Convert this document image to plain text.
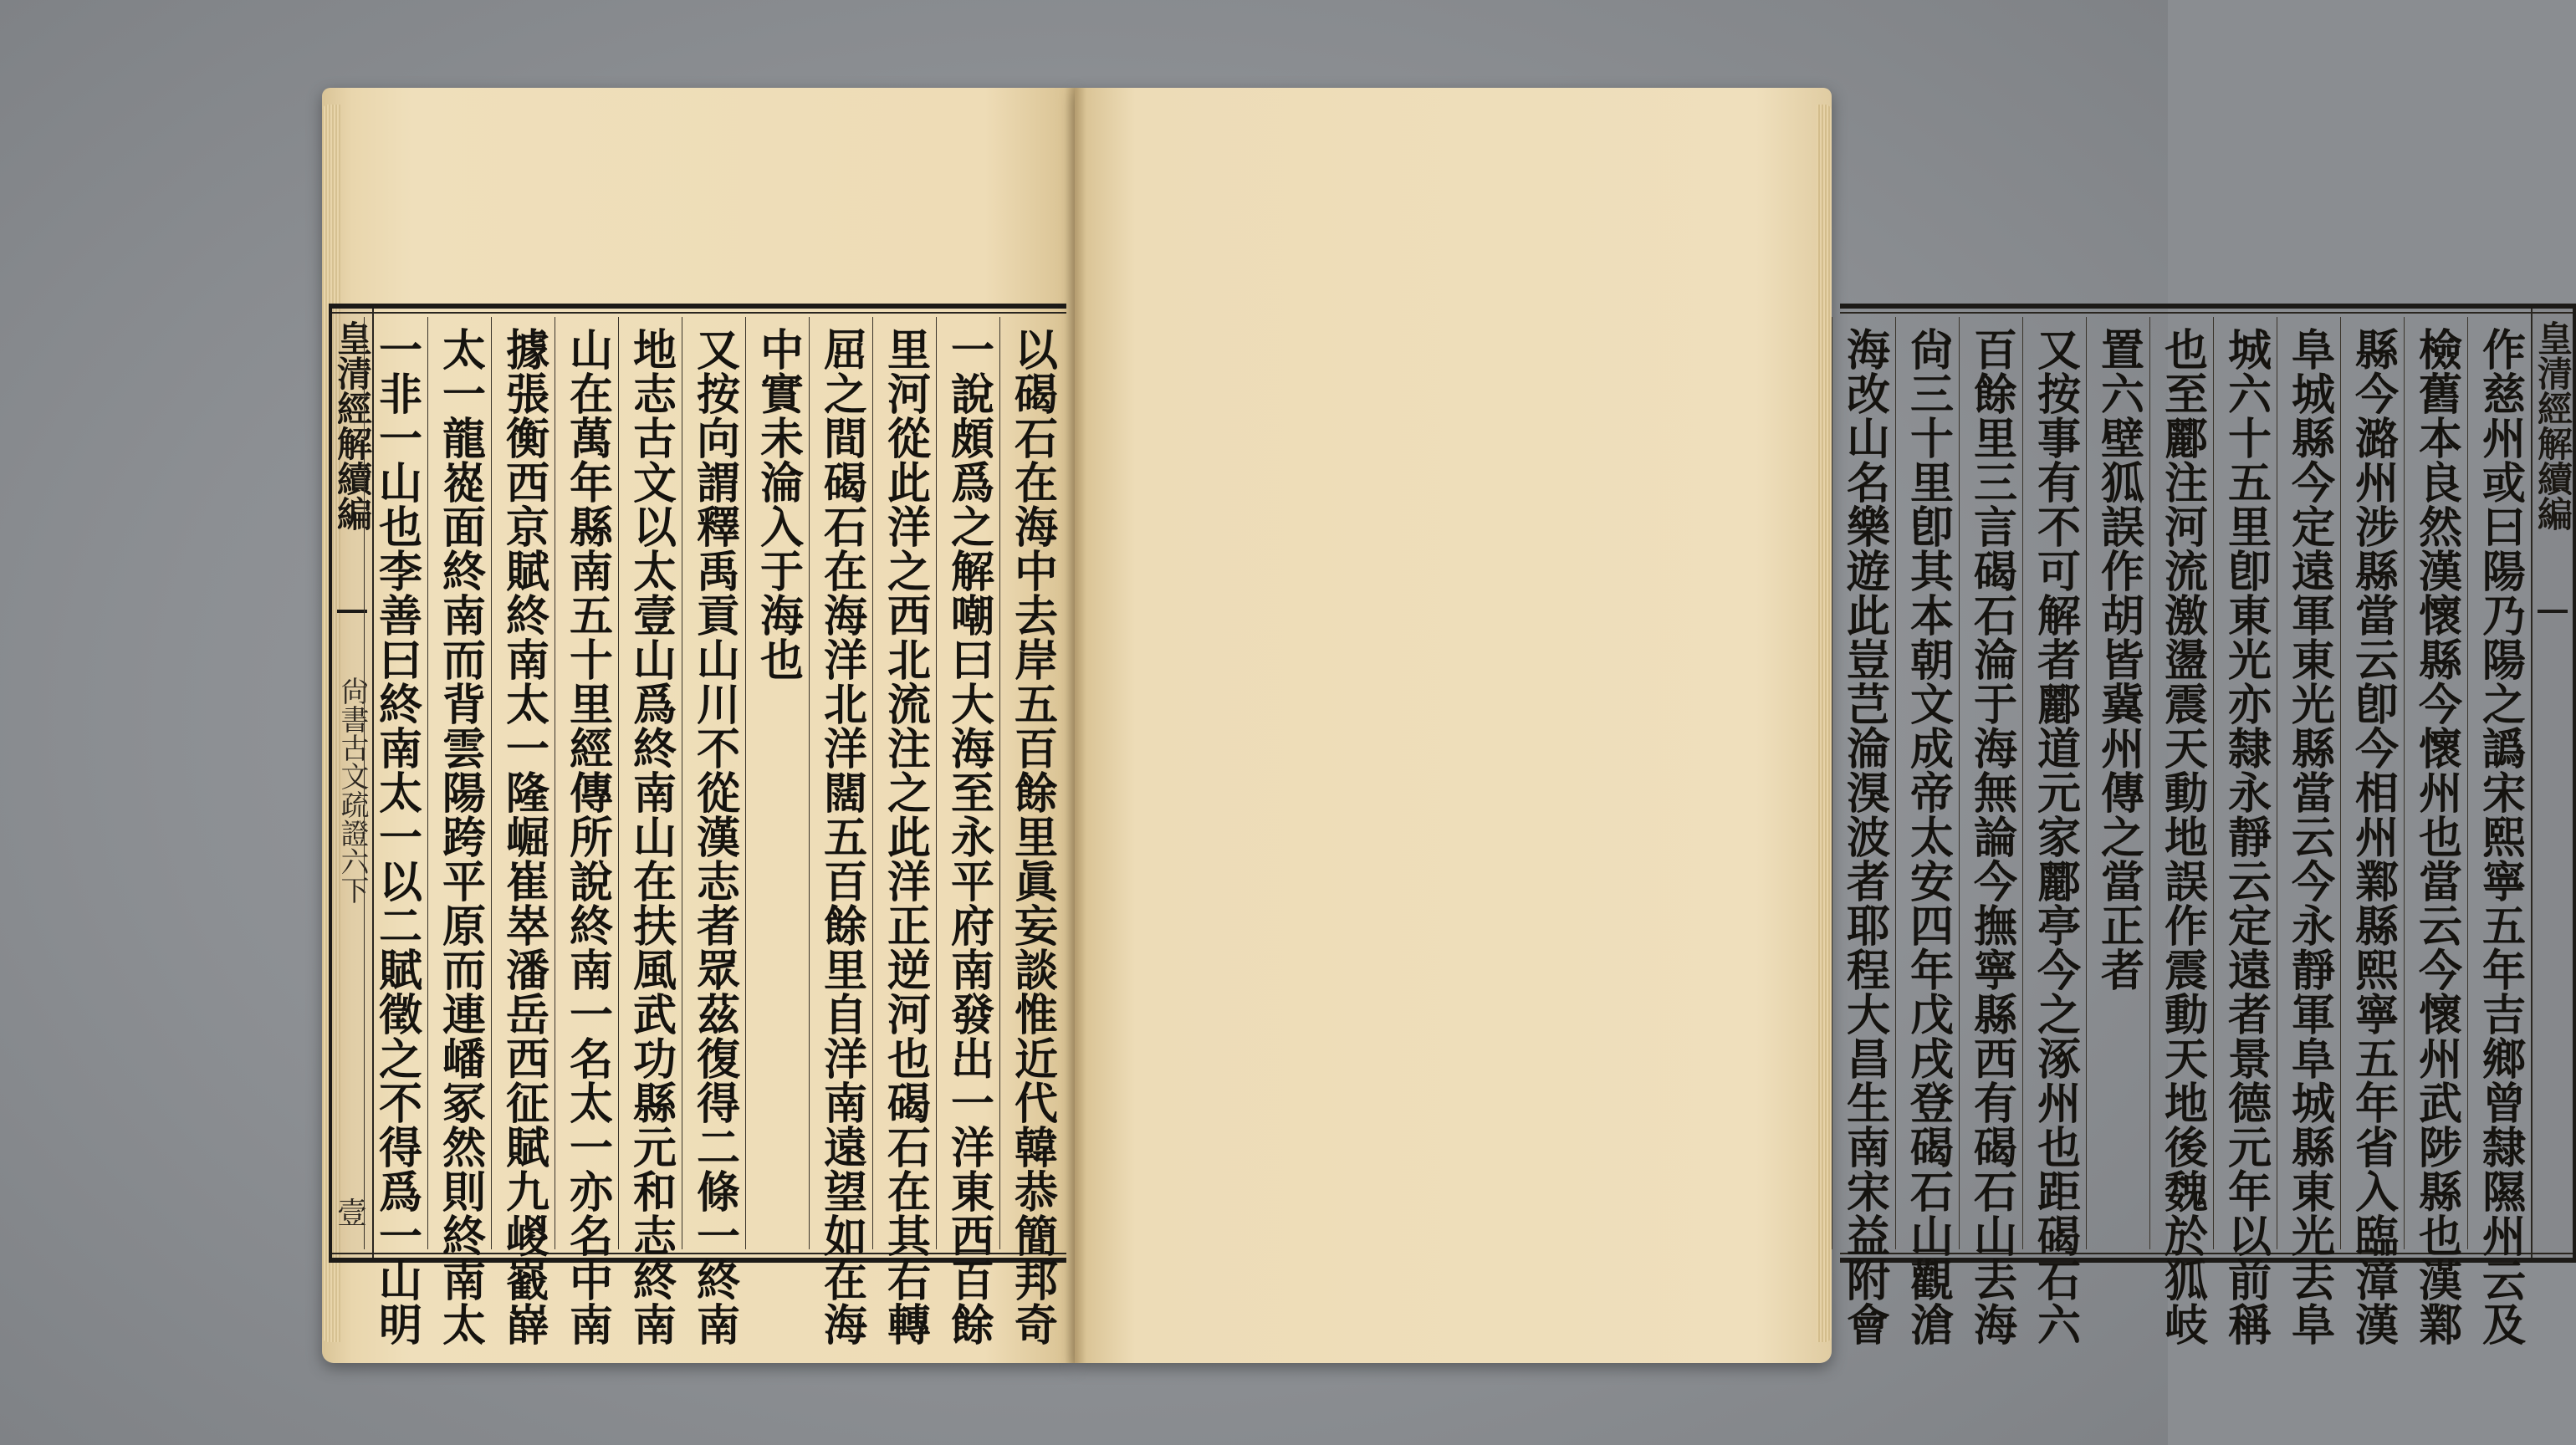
皇清經解續編
尙書古文疏證六下
壹	以碣石在海中去岸五百餘里眞妄談惟近代韓恭簡邦奇
一說頗爲之解嘲曰大海至永平府南發出一洋東西百餘
里河從此洋之西北流注之此洋正逆河也碣石在其右轉
屈之間碣石在海洋北洋闊五百餘里自洋南遠望如在海
中實未淪入于海也
又按向謂釋禹貢山川不從漢志者眾茲復得二條一終南
地志古文以太壹山爲終南山在扶風武功縣元和志終南
山在萬年縣南五十里經傳所說終南一名太一亦名中南
據張衡西京賦終南太一隆崛崔崒潘岳西征賦九嵕巀嶭
太一龍嵸面終南而背雲陽跨平原而連嶓冢然則終南太
一非一山也李善曰終南太一以二賦徵之不得爲一山明	皇清經解續編
作慈州或曰陽乃陽之譌宋熙寧五年吉鄉曾隸隰州云及
檢舊本良然漢懷縣今懷州也當云今懷州武陟縣也漢鄴
縣今潞州涉縣當云卽今相州鄴縣熙寧五年省入臨漳漢
阜城縣今定遠軍東光縣當云今永靜軍阜城縣東光去阜
城六十五里卽東光亦隸永靜云定遠者景德元年以前稱
也至酈注河流激盪震天動地誤作震動天地後魏於狐岐
置六壁狐誤作胡皆冀州傳之當正者
又按事有不可解者酈道元家酈亭今之涿州也距碣石六
百餘里三言碣石淪于海無論今撫寧縣西有碣石山去海
尙三十里卽其本朝文成帝太安四年戊戌登碣石山觀滄
海改山名樂遊此豈芑淪湨波者耶程大昌生南宋益附會
